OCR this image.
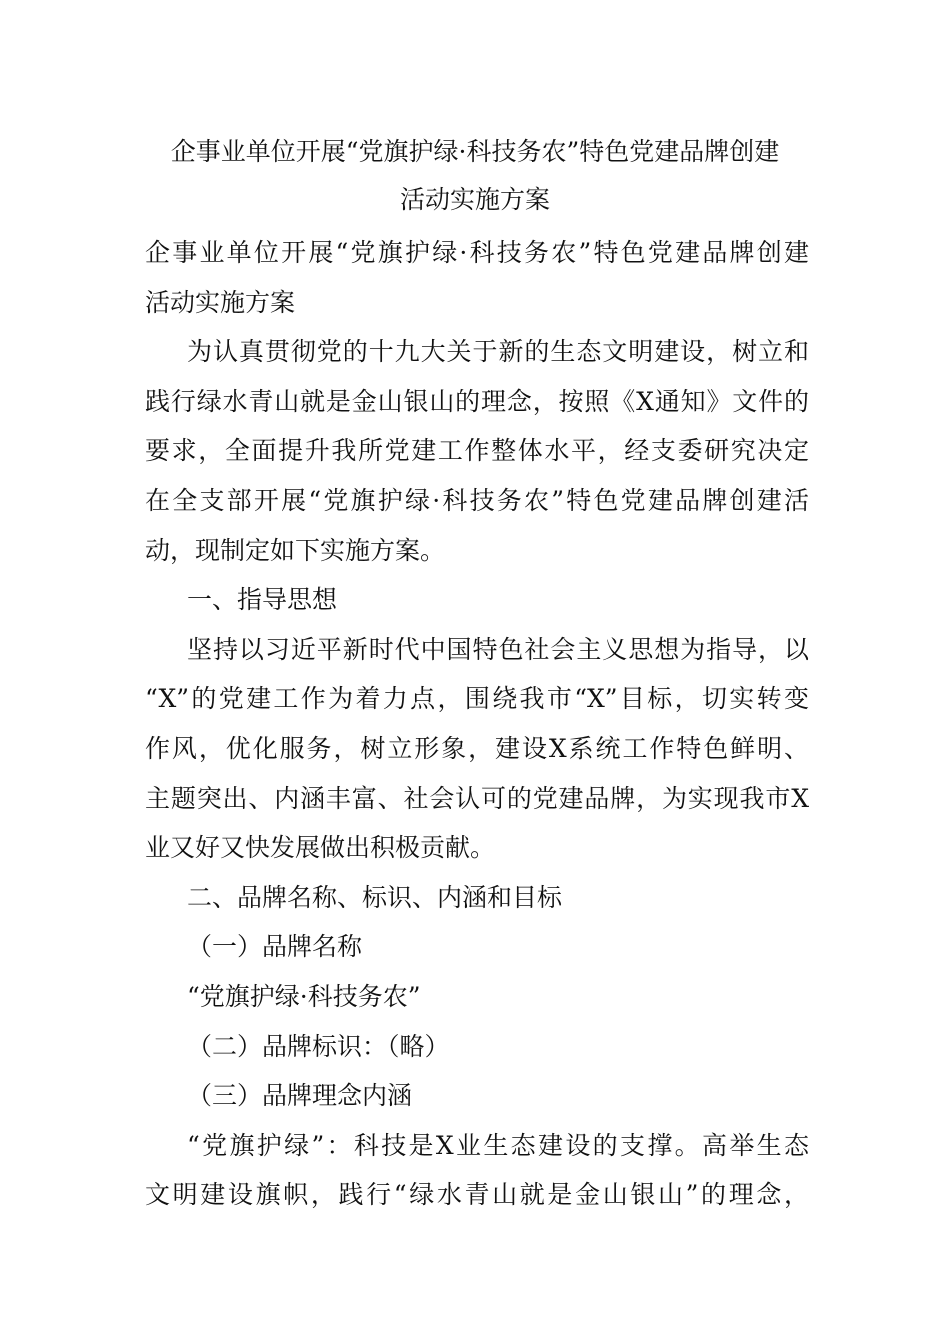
企事业单位开展“党旗护绿·科技务农”特色党建品牌创建
活动实施方案
企事业单位开展“党旗护绿·科技务农”特色党建品牌创建
活动实施方案
为认真贯彻党的十九大关于新的生态文明建设，树立和
践行绿水青山就是金山银山的理念，按照《X通知》文件的
要求，全面提升我所党建工作整体水平，经支委研究决定
在全支部开展“党旗护绿·科技务农”特色党建品牌创建活
动，现制定如下实施方案。
一、指导思想
坚持以习近平新时代中国特色社会主义思想为指导，以
“X”的党建工作为着力点，围绕我市“X”目标，切实转变
作风，优化服务，树立形象，建设X系统工作特色鲜明、
主题突出、内涵丰富、社会认可的党建品牌，为实现我市X
业又好又快发展做出积极贡献。
二、品牌名称、标识、内涵和目标
（一）品牌名称
“党旗护绿·科技务农”
（二）品牌标识：（略）
（三）品牌理念内涵
“党旗护绿”：科技是X业生态建设的支撑。高举生态
文明建设旗帜，践行“绿水青山就是金山银山”的理念，
